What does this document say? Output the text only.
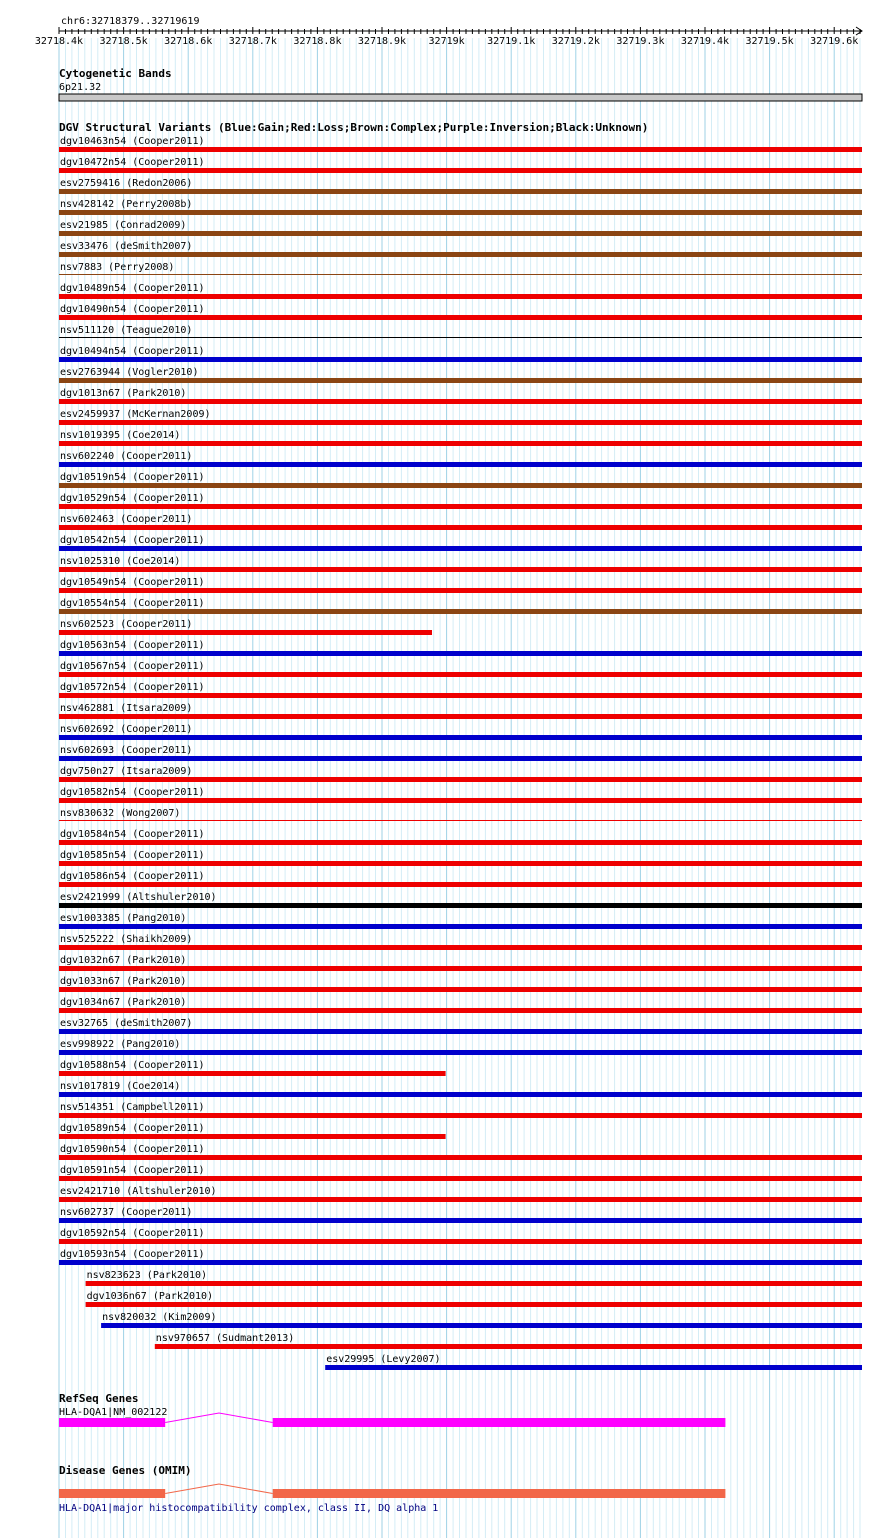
chr6:32718379..32719619
32718.4k 32718.5k 32718.6k 32718.7k 32718.8k 32718.9k 32719k 32719.1k 32719.2k 32719.3k 32719.4k 32719.5k 32719.6k
Cytogenetic Bands
6p21.32
DGV Structural Variants (Blue:Gain;Red:Loss;Brown:Complex;Purple:Inversion;Black:Unknown)
dgv10463n54 (Cooper2011)
dgv10472n54 (Cooper2011)
esv2759416 (Redon2006)
nsv428142 (Perry2008b)
esv21985 (Conrad2009)
esv33476 (deSmith2007)
nsv7883 (Perry2008)
dgv10489n54 (Cooper2011)
dgv10490n54 (Cooper2011)
nsv511120 (Teague2010)
dgv10494n54 (Cooper2011)
esv2763944 (Vogler2010)
dgv1013n67 (Park2010)
esv2459937 (McKernan2009)
nsv1019395 (Coe2014)
nsv602240 (Cooper2011)
dgv10519n54 (Cooper2011)
dgv10529n54 (Cooper2011)
nsv602463 (Cooper2011)
dgv10542n54 (Cooper2011)
nsv1025310 (Coe2014)
dgv10549n54 (Cooper2011)
dgv10554n54 (Cooper2011)
nsv602523 (Cooper2011)
dgv10563n54 (Cooper2011)
dgv10567n54 (Cooper2011)
dgv10572n54 (Cooper2011)
nsv462881 (Itsara2009)
nsv602692 (Cooper2011)
nsv602693 (Cooper2011)
dgv750n27 (Itsara2009)
dgv10582n54 (Cooper2011)
nsv830632 (Wong2007)
dgv10584n54 (Cooper2011)
dgv10585n54 (Cooper2011)
dgv10586n54 (Cooper2011)
esv2421999 (Altshuler2010)
esv1003385 (Pang2010)
nsv525222 (Shaikh2009)
dgv1032n67 (Park2010)
dgv1033n67 (Park2010)
dgv1034n67 (Park2010)
esv32765 (deSmith2007)
esv998922 (Pang2010)
dgv10588n54 (Cooper2011)
nsv1017819 (Coe2014)
nsv514351 (Campbell2011)
dgv10589n54 (Cooper2011)
dgv10590n54 (Cooper2011)
dgv10591n54 (Cooper2011)
esv2421710 (Altshuler2010)
nsv602737 (Cooper2011)
dgv10592n54 (Cooper2011)
dgv10593n54 (Cooper2011)
nsv823623 (Park2010)
dgv1036n67 (Park2010)
nsv820032 (Kim2009)
nsv970657 (Sudmant2013)
esv29995 (Levy2007)
RefSeq Genes
HLA-DQA1|NM_002122
Disease Genes (OMIM)
HLA-DQA1|major histocompatibility complex, class II, DQ alpha 1
